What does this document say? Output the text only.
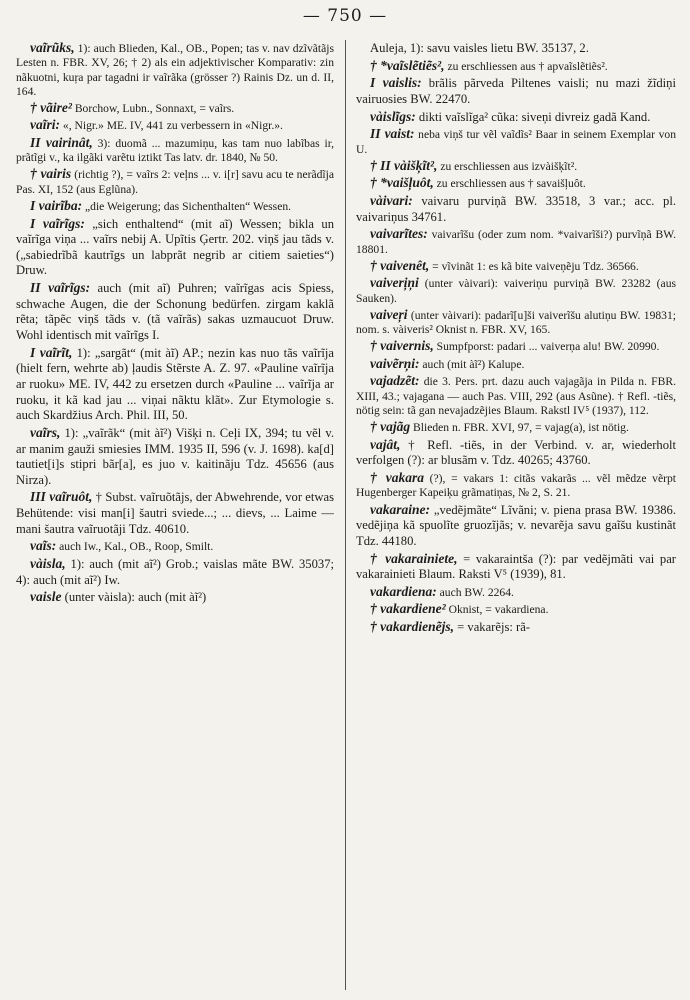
— 750 —

vaĩrũks, 1): auch Blieden, Kal., OB., Popen; tas v. nav dzĩvãtãjs Lesten n. FBR. XV, 26; † 2) als ein adjektivischer Komparativ: zin nãkuotni, kuŗa par tagadni ir vaĩrãka (grösser ?) Rainis Dz. un d. II, 164.

† vãire² Borchow, Lubn., Sonnaxt, = vaĩrs.

vaĩri: «, Nigr.» ME. IV, 441 zu verbessern in «Nigr.».

II vairinât, 3): duomã ... mazumiņu, kas tam nuo labĩbas ir, prãtĩgi v., ka ilgãki varẽtu iztikt Tas latv. dr. 1840, № 50.

† vairis (richtig ?), = vaĩrs 2: veļns ... v. i[r] savu acu te nerãdĩja Pas. XI, 152 (aus Eglũna).

I vairĩba: „die Weigerung; das Sichenthalten“ Wessen.

I vaĩrĩgs: „sich enthaltend“ (mit aĩ) Wessen; bikla un vaĩrĩga viņa ... vaĩrs nebij A. Upĩtis Ģertr. 202. viņš jau tãds v. („sabiedrĩbã kautrĩgs un labprãt negrib ar citiem saieties“) Druw.

II vaĩrĩgs: auch (mit aĩ) Puhren; vaĩrĩgas acis Spiess, schwache Augen, die der Schonung bedürfen. zirgam kaklã rẽta; tãpẽc viņš tãds v. (tã vaĩrãs) sakas uzmaucuot Druw. Wohl identisch mit vaĩrĩgs I.

I vaĩrĩt, 1): „sargãt“ (mit àĩ) AP.; nezin kas nuo tãs vaĩrĩja (hielt fern, wehrte ab) ļaudis Stẽrste A. Z. 97. «Pauline vaĩrĩja ar ruoku» ME. IV, 442 zu ersetzen durch «Pauline ... vaĩrĩja ar ruoku, it kã kad jau ... viņai nãktu klãt». Zur Etymologie s. auch Skardžius Arch. Phil. III, 50.

vaĩrs, 1): „vaĩrãk“ (mit àĩ²) Višķi n. Ceļi IX, 394; tu vẽl v. ar manim gauži smiesies IMM. 1935 II, 596 (v. J. 1698). ka[d] tautiet[i]s stipri bãr[a], es juo v. kaitinãju Tdz. 45656 (aus Nirza).

III vaĩruôt, † Subst. vaĩruõtãjs, der Abwehrende, vor etwas Behütende: visi man[i] šautri sviede...; ... dievs, ... Laime — mani šautra vaĩruotãji Tdz. 40610.

vaĩs: auch Iw., Kal., OB., Roop, Smilt.

vàisla, 1): auch (mit aĩ²) Grob.; vaislas mãte BW. 35037; 4): auch (mit aĩ²) Iw.

vaisle (unter vàisla): auch (mit àĩ²)

Auleja, 1): savu vaisles lietu BW. 35137, 2.

† *vaĩslẽtiẽs², zu erschliessen aus † apvaĩslẽtiẽs².

I vaislis: brãlis pãrveda Piltenes vaisli; nu mazi žĩdiņi vairuosies BW. 22470.

vàislĩgs: dikti vaĩslĩga² cũka: siveņi divreiz gadã Kand.

II vaist: neba viņš tur vẽl vaĩdĩs² Baar in seinem Exemplar von U.

† II vàišķĩt², zu erschliessen aus izvàišķĩt².

† *vaišļuôt, zu erschliessen aus † savaišļuôt.

vàivari: vaivaru purviņã BW. 33518, 3 var.; acc. pl. vaivariņus 34761.

vaivarĩtes: vaivarĩšu (oder zum nom. *vaivarĩši?) purvĩņã BW. 18801.

† vaivenêt, = vĩvinãt 1: es kã bite vaiveņẽju Tdz. 36566.

vaiveri̦ņi (unter vàivari): vaiveriņu purviņã BW. 23282 (aus Sauken).

vaiveŗi (unter vàivari): padarĩ[u]ši vaiverĩšu alutiņu BW. 19831; nom. s. vàiveris² Oknist n. FBR. XV, 165.

† vaivernis, Sumpfporst: padari ... vaiverņa alu! BW. 20990.

vaivẽrņi: auch (mit àĩ²) Kalupe.

vajadzẽt: die 3. Pers. prt. dazu auch vajagãja in Pilda n. FBR. XIII, 43.; vajagana — auch Pas. VIII, 292 (aus Asũne). † Refl. -tiẽs, nötig sein: tã gan nevajadzẽjies Blaum. Rakstl IV⁵ (1937), 112.

† vajãg Blieden n. FBR. XVI, 97, = vajag(a), ist nötig.

vajât, † Refl. -tiẽs, in der Verbind. v. ar, wiederholt verfolgen (?): ar blusãm v. Tdz. 40265; 43760.

† vakara (?), = vakars 1: citãs vakarãs ... vẽl mẽdze vẽrpt Hugenberger Kapeiķu grãmatiņas, № 2, S. 21.

vakaraine: „vedẽjmãte“ Lĩvãni; v. piena prasa BW. 19386. vedẽjiņa kã spuolĩte gruozĩjãs; v. nevarẽja savu gaĩšu kustinãt Tdz. 44180.

† vakarainiete, = vakaraintša (?): par vedẽjmãti vai par vakarainieti Blaum. Raksti V⁵ (1939), 81.

vakardiena: auch BW. 2264.

† vakardiene² Oknist, = vakardiena.

† vakardienẽjs, = vakarẽjs: rã-
